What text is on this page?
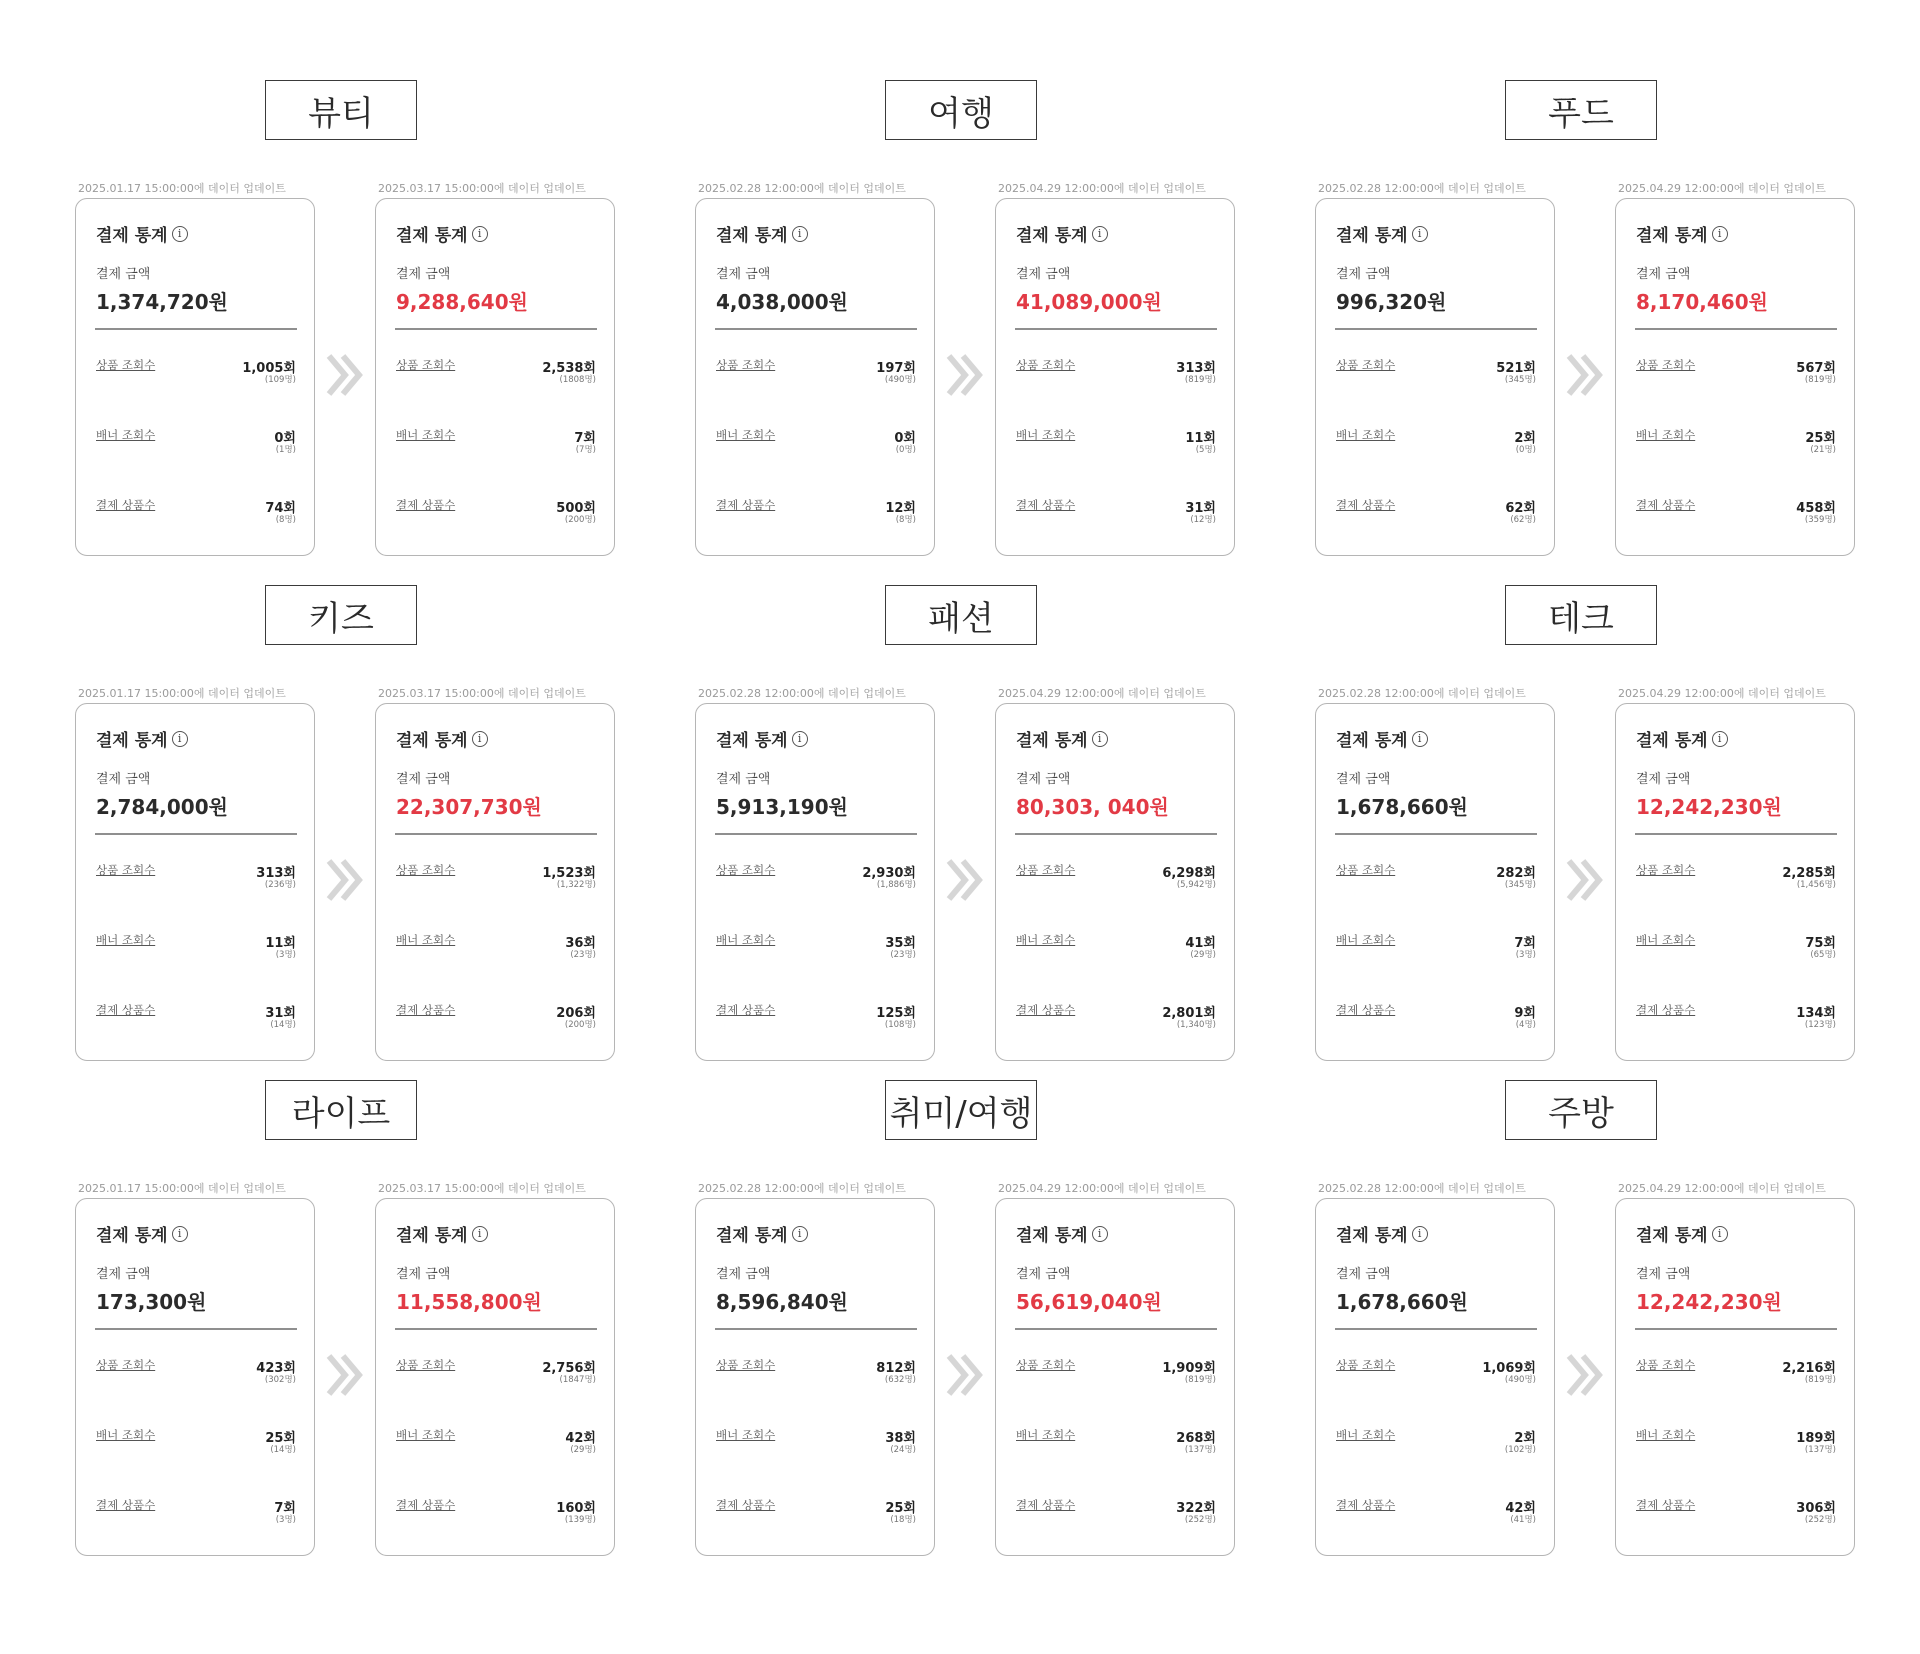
뷰티
2025.01.17 15:00:00에 데이터 업데이트
결제 통계 i
결제 금액
1,374,720원
상품 조회수	1,005회
(109명)
배너 조회수	0회
(1명)
결제 상품수	74회
(8명)
2025.03.17 15:00:00에 데이터 업데이트
결제 통계 i
결제 금액
9,288,640원
상품 조회수	2,538회
(1808명)
배너 조회수	7회
(7명)
결제 상품수	500회
(200명)
여행
2025.02.28 12:00:00에 데이터 업데이트
결제 통계 i
결제 금액
4,038,000원
상품 조회수	197회
(490명)
배너 조회수	0회
(0명)
결제 상품수	12회
(8명)
2025.04.29 12:00:00에 데이터 업데이트
결제 통계 i
결제 금액
41,089,000원
상품 조회수	313회
(819명)
배너 조회수	11회
(5명)
결제 상품수	31회
(12명)
푸드
2025.02.28 12:00:00에 데이터 업데이트
결제 통계 i
결제 금액
996,320원
상품 조회수	521회
(345명)
배너 조회수	2회
(0명)
결제 상품수	62회
(62명)
2025.04.29 12:00:00에 데이터 업데이트
결제 통계 i
결제 금액
8,170,460원
상품 조회수	567회
(819명)
배너 조회수	25회
(21명)
결제 상품수	458회
(359명)
키즈
2025.01.17 15:00:00에 데이터 업데이트
결제 통계 i
결제 금액
2,784,000원
상품 조회수	313회
(236명)
배너 조회수	11회
(3명)
결제 상품수	31회
(14명)
2025.03.17 15:00:00에 데이터 업데이트
결제 통계 i
결제 금액
22,307,730원
상품 조회수	1,523회
(1,322명)
배너 조회수	36회
(23명)
결제 상품수	206회
(200명)
패션
2025.02.28 12:00:00에 데이터 업데이트
결제 통계 i
결제 금액
5,913,190원
상품 조회수	2,930회
(1,886명)
배너 조회수	35회
(23명)
결제 상품수	125회
(108명)
2025.04.29 12:00:00에 데이터 업데이트
결제 통계 i
결제 금액
80,303, 040원
상품 조회수	6,298회
(5,942명)
배너 조회수	41회
(29명)
결제 상품수	2,801회
(1,340명)
테크
2025.02.28 12:00:00에 데이터 업데이트
결제 통계 i
결제 금액
1,678,660원
상품 조회수	282회
(345명)
배너 조회수	7회
(3명)
결제 상품수	9회
(4명)
2025.04.29 12:00:00에 데이터 업데이트
결제 통계 i
결제 금액
12,242,230원
상품 조회수	2,285회
(1,456명)
배너 조회수	75회
(65명)
결제 상품수	134회
(123명)
라이프
2025.01.17 15:00:00에 데이터 업데이트
결제 통계 i
결제 금액
173,300원
상품 조회수	423회
(302명)
배너 조회수	25회
(14명)
결제 상품수	7회
(3명)
2025.03.17 15:00:00에 데이터 업데이트
결제 통계 i
결제 금액
11,558,800원
상품 조회수	2,756회
(1847명)
배너 조회수	42회
(29명)
결제 상품수	160회
(139명)
취미/여행
2025.02.28 12:00:00에 데이터 업데이트
결제 통계 i
결제 금액
8,596,840원
상품 조회수	812회
(632명)
배너 조회수	38회
(24명)
결제 상품수	25회
(18명)
2025.04.29 12:00:00에 데이터 업데이트
결제 통계 i
결제 금액
56,619,040원
상품 조회수	1,909회
(819명)
배너 조회수	268회
(137명)
결제 상품수	322회
(252명)
주방
2025.02.28 12:00:00에 데이터 업데이트
결제 통계 i
결제 금액
1,678,660원
상품 조회수	1,069회
(490명)
배너 조회수	2회
(102명)
결제 상품수	42회
(41명)
2025.04.29 12:00:00에 데이터 업데이트
결제 통계 i
결제 금액
12,242,230원
상품 조회수	2,216회
(819명)
배너 조회수	189회
(137명)
결제 상품수	306회
(252명)
